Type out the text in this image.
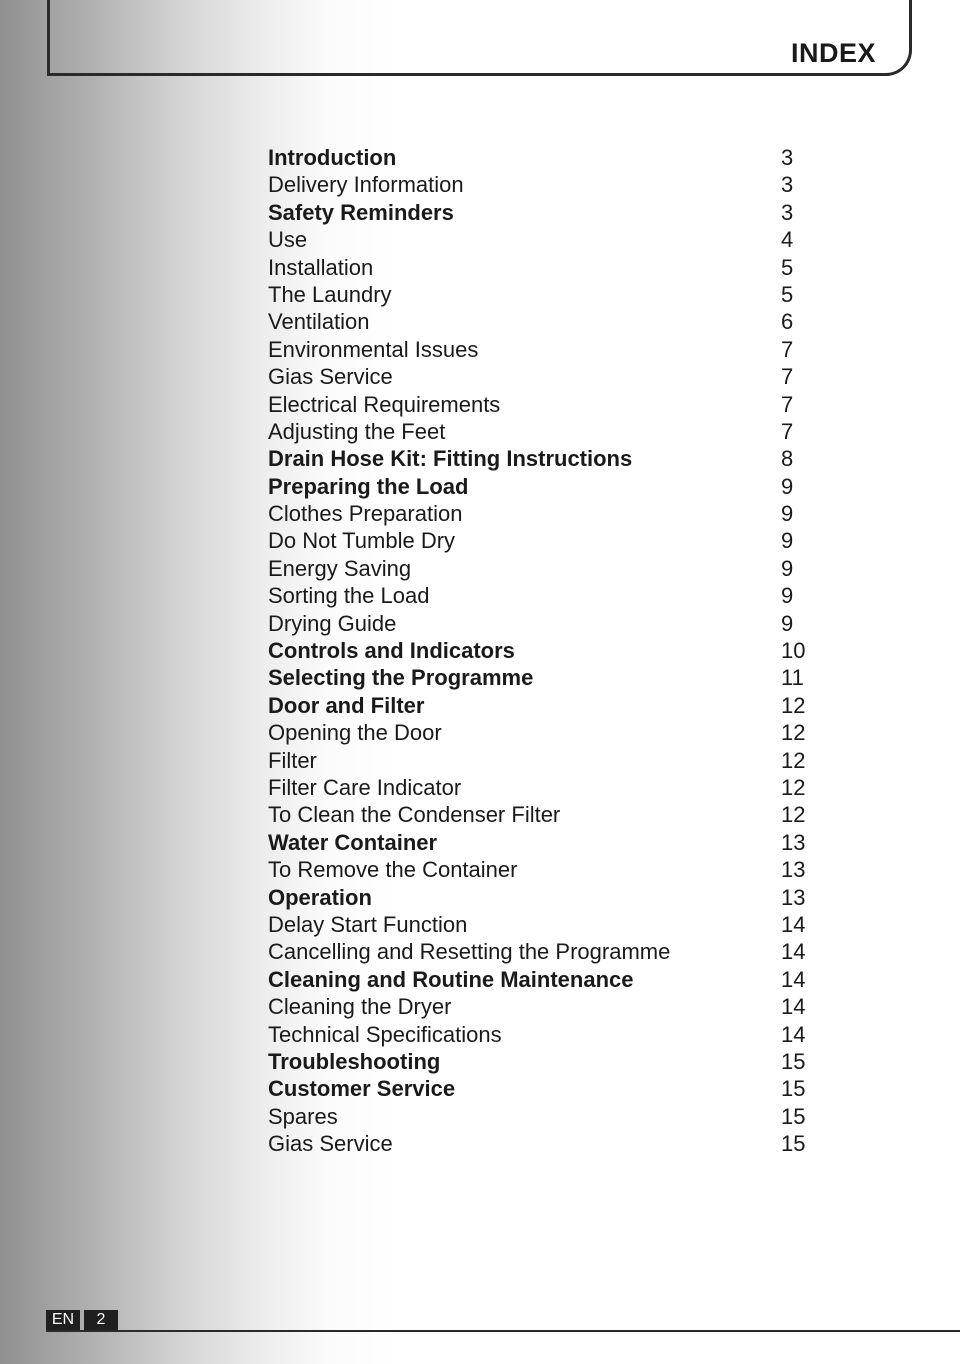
INDEX
Introduction	3
Delivery Information	3
Safety Reminders	3
Use	4
Installation	5
The Laundry	5
Ventilation	6
Environmental Issues	7
Gias Service	7
Electrical Requirements	7
Adjusting the Feet	7
Drain Hose Kit: Fitting Instructions	8
Preparing the Load	9
Clothes Preparation	9
Do Not Tumble Dry	9
Energy Saving	9
Sorting the Load	9
Drying Guide	9
Controls and Indicators	10
Selecting the Programme	11
Door and Filter	12
Opening the Door	12
Filter	12
Filter Care Indicator	12
To Clean the Condenser Filter	12
Water Container	13
To Remove the Container	13
Operation	13
Delay Start Function	14
Cancelling and Resetting the Programme	14
Cleaning and Routine Maintenance	14
Cleaning the Dryer	14
Technical Specifications	14
Troubleshooting	15
Customer Service	15
Spares	15
Gias Service	15
EN	2
